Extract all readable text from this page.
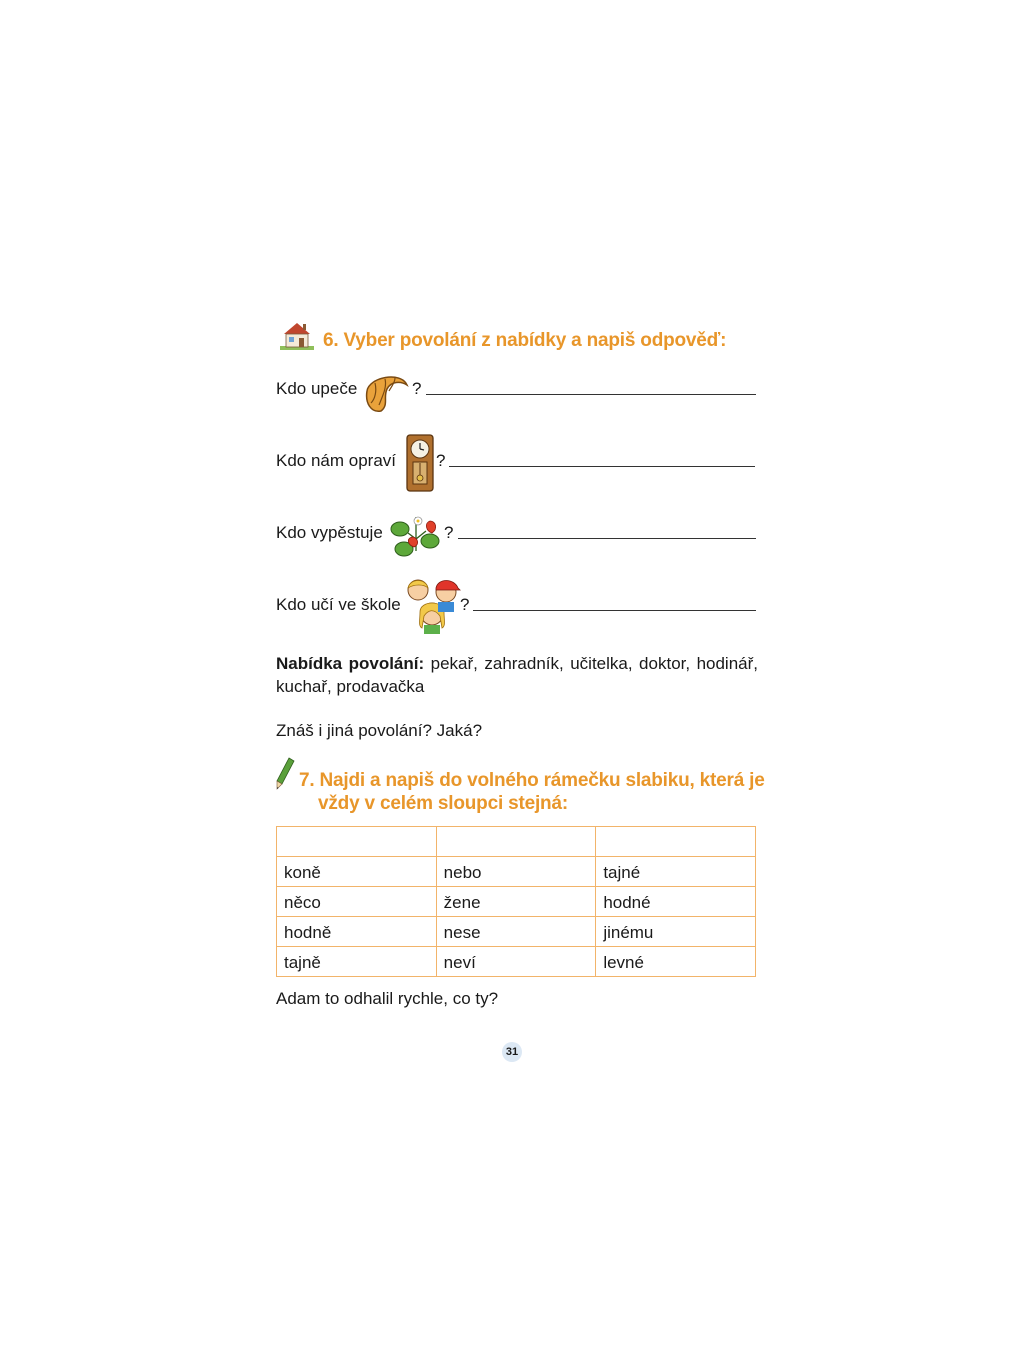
6. Vyber povolání z nabídky a napiš odpověď:
Kdo upeče	?
Kdo nám opraví ?
Kdo vypěstuje	?
Kdo učí ve škole	?
Nabídka povolání: pekař, zahradník, učitelka, doktor, hodinář,
kuchař, prodavačka
Znáš i jiná povolání? Jaká?
7. Najdi a napiš do volného rámečku slabiku, která je
vždy v celém sloupci stejná:

koně	nebo	tajné
něco	žene	hodné
hodně	nese	jinému
tajně	neví	levné
Adam to odhalil rychle, co ty?
31
